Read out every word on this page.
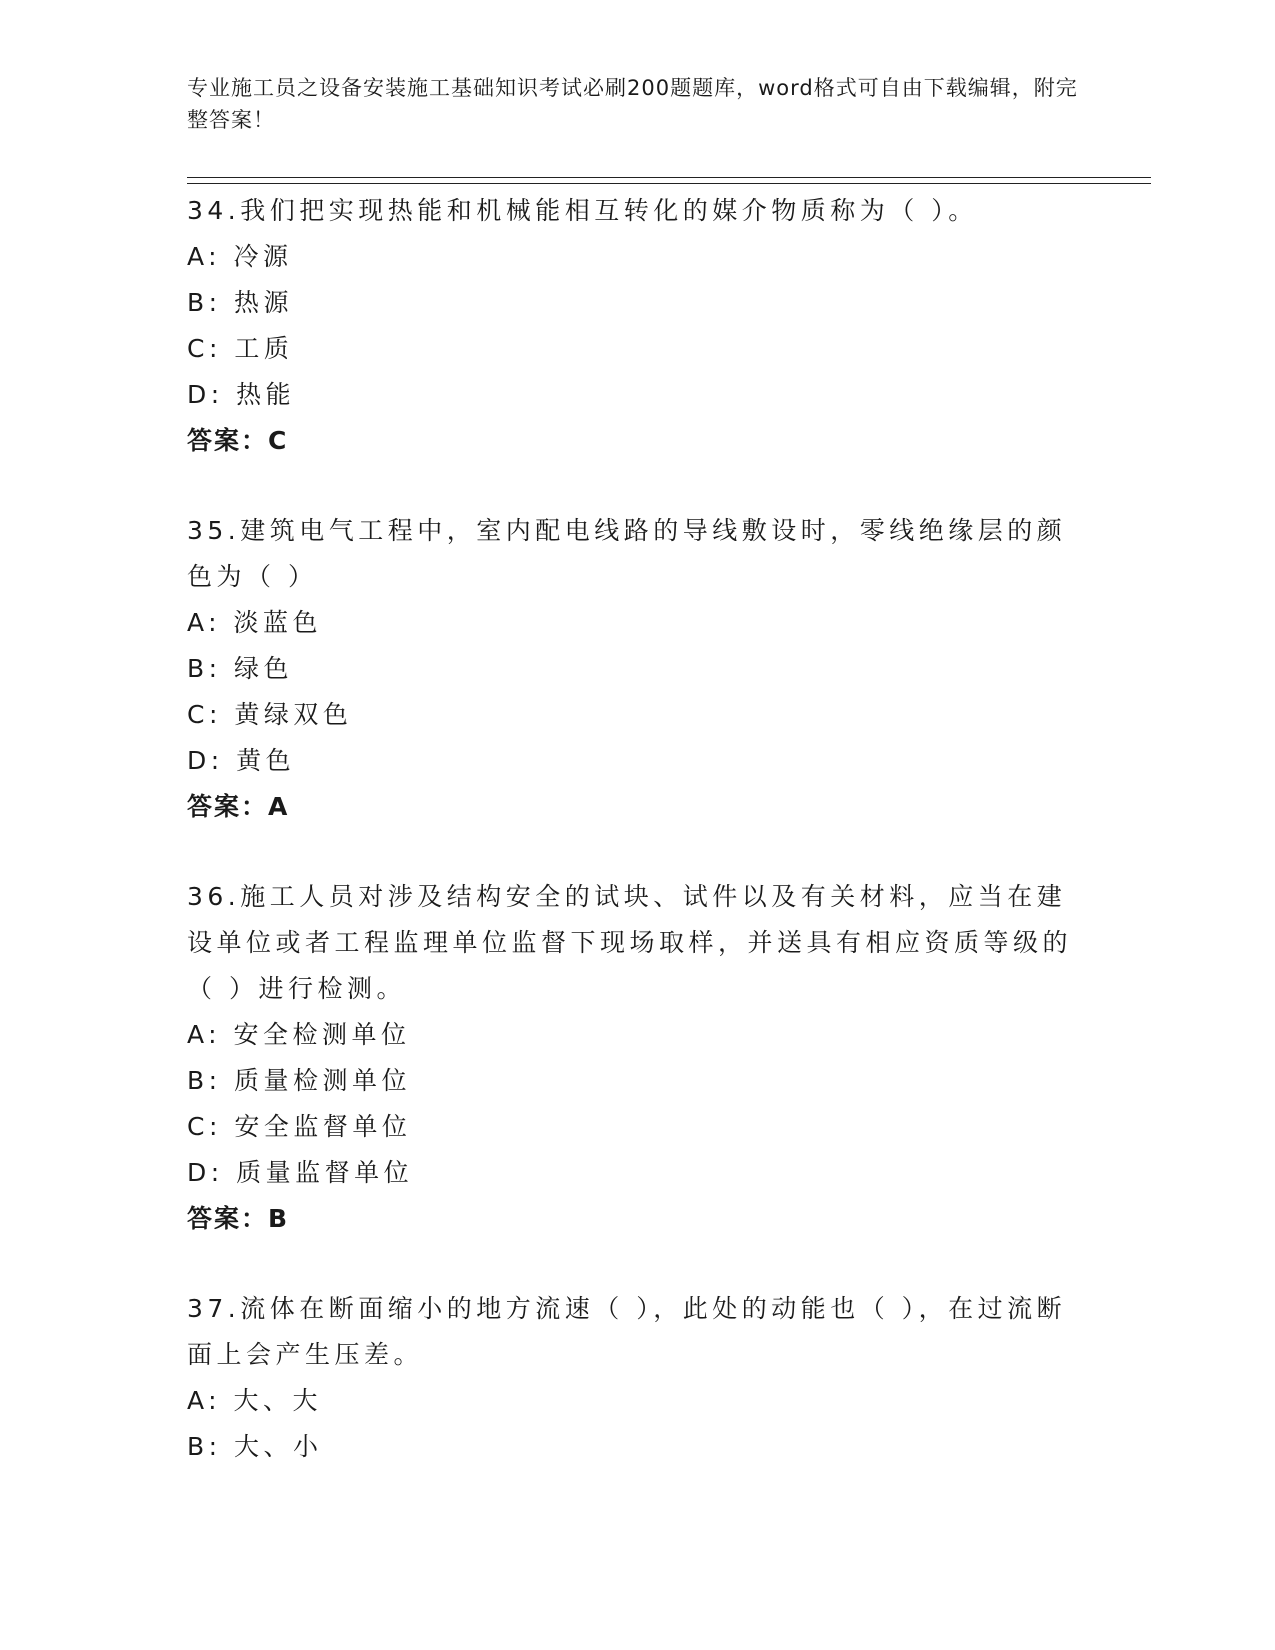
专业施工员之设备安装施工基础知识考试必刷200题题库，word格式可自由下载编辑，附完整答案！

34.我们把实现热能和机械能相互转化的媒介物质称为（ ）。

A: 冷源

B: 热源

C: 工质

D: 热能

答案：C

35.建筑电气工程中，室内配电线路的导线敷设时，零线绝缘层的颜色为（ ）

A: 淡蓝色

B: 绿色

C: 黄绿双色

D: 黄色

答案：A

36.施工人员对涉及结构安全的试块、试件以及有关材料，应当在建设单位或者工程监理单位监督下现场取样，并送具有相应资质等级的（ ）进行检测。

A: 安全检测单位

B: 质量检测单位

C: 安全监督单位

D: 质量监督单位

答案：B

37.流体在断面缩小的地方流速（ ），此处的动能也（ ），在过流断面上会产生压差。

A: 大、大

B: 大、小
